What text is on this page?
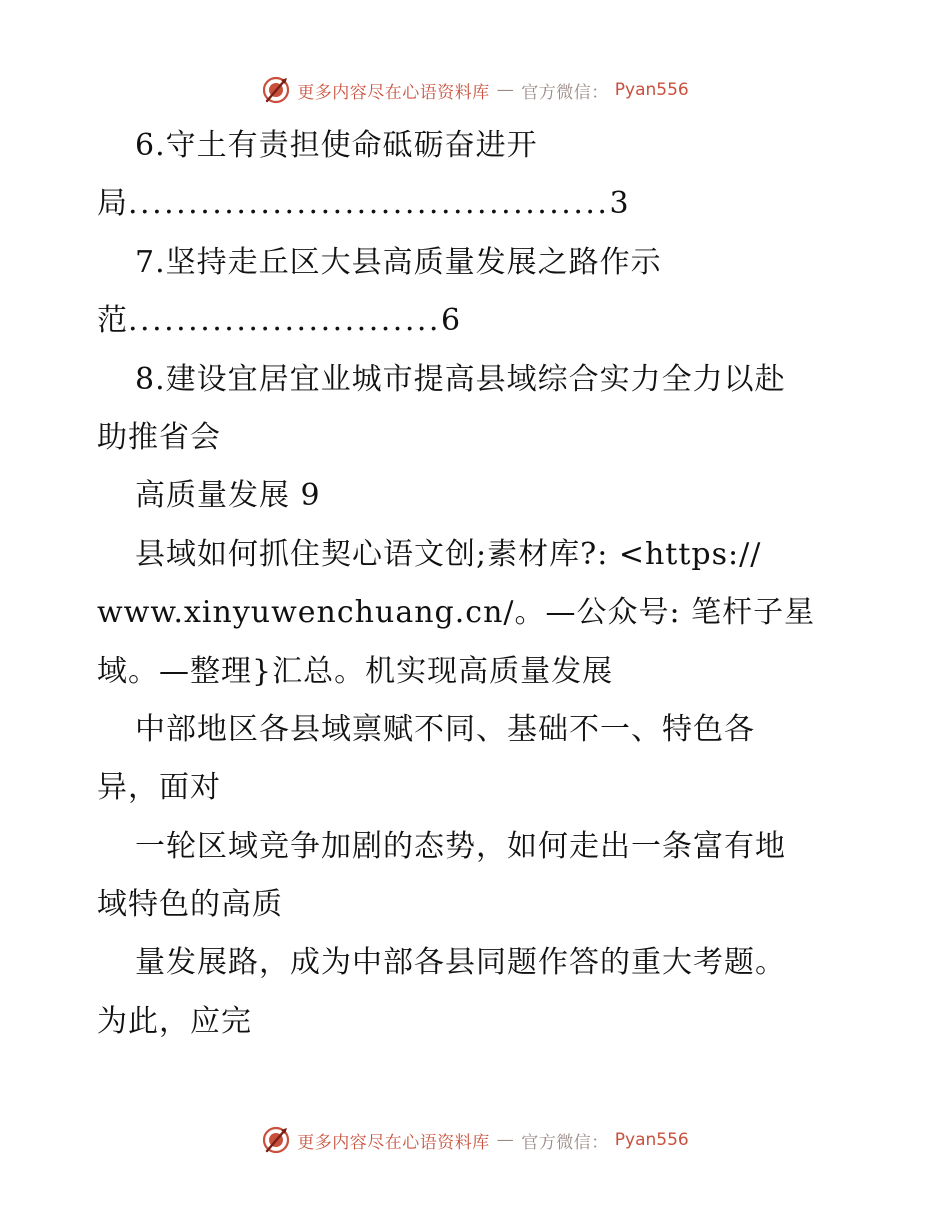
更多内容尽在心语资料库 — 官方微信： Pyan556
6.守土有责担使命砥砺奋进开
局........................................3
7.坚持走丘区大县高质量发展之路作示
范..........................6
8.建设宜居宜业城市提高县域综合实力全力以赴
助推省会
高质量发展 9
县域如何抓住契心语文创;素材库?: <https://
www.xinyuwenchuang.cn/。—公众号: 笔杆子星
域。—整理}汇总。机实现高质量发展
中部地区各县域禀赋不同、基础不一、特色各
异，面对
一轮区域竞争加剧的态势，如何走出一条富有地
域特色的高质
量发展路，成为中部各县同题作答的重大考题。
为此，应完
更多内容尽在心语资料库 — 官方微信： Pyan556
